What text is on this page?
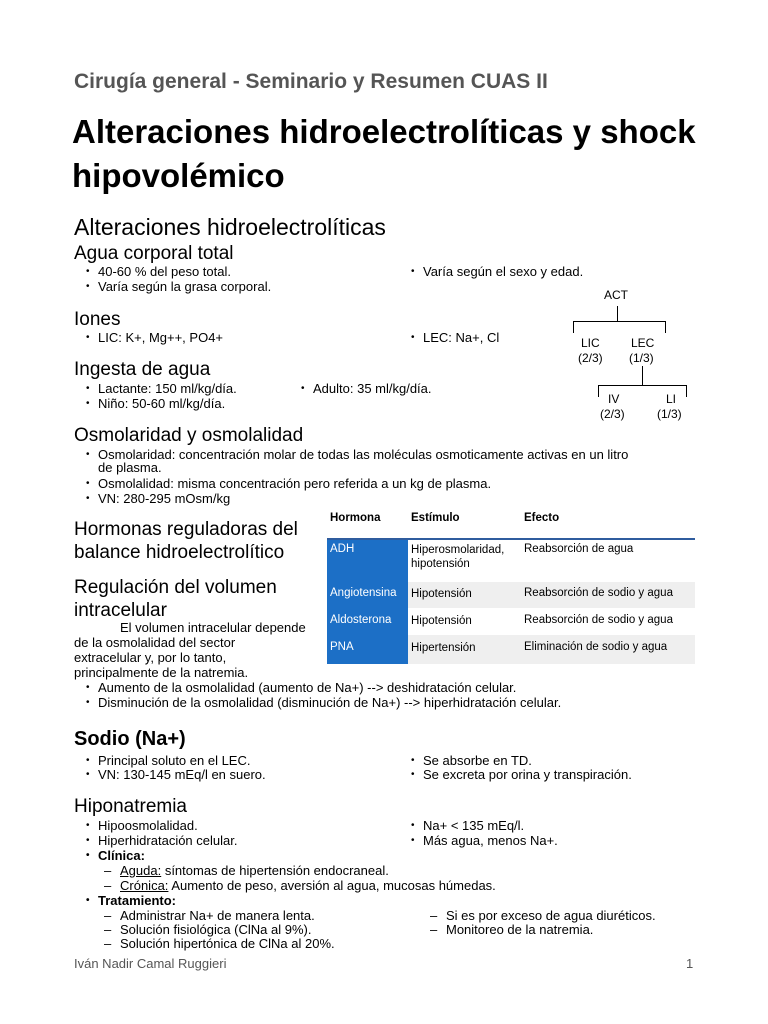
Cirugía general - Seminario y Resumen CUAS II
Alteraciones hidroelectrolíticas y shock hipovolémico
Alteraciones hidroelectrolíticas
Agua corporal total
• 40-60 % del peso total.
• Varía según la grasa corporal.
• Varía según el sexo y edad.
ACT
LIC
(2/3)
LEC
(1/3)
IV
(2/3)
LI
(1/3)
Iones
• LIC: K+, Mg++, PO4+
•	LEC: Na+, Cl
Ingesta de agua
• Lactante: 150 ml/kg/día.
• Niño: 50-60 ml/kg/día.
• Adulto: 35 ml/kg/día.
Osmolaridad y osmolalidad
• Osmolaridad: concentración molar de todas las moléculas osmoticamente activas en un litro
de plasma.
• Osmolalidad: misma concentración pero referida a un kg de plasma.
• VN: 280-295 mOsm/kg
Hormonas reguladoras del
balance hidroelectrolítico
Hormona	Estímulo	Efecto
ADH	Hiperosmolaridad,
hipotensión
Reabsorción de agua
Angiotensina	Hipotensión	Reabsorción de sodio y agua
Aldosterona	Hipotensión	Reabsorción de sodio y agua
PNA	Hipertensión	Eliminación de sodio y agua
Regulación del volumen
intracelular
El volumen intracelular depende
de la osmolalidad del sector
extracelular y, por lo tanto,
principalmente de la natremia.
• Aumento de la osmolalidad (aumento de Na+) --> deshidratación celular.
• Disminución de la osmolalidad (disminución de Na+) --> hiperhidratación celular.
Sodio (Na+)
• Principal soluto en el LEC.
• VN: 130-145 mEq/l en suero.
• Se absorbe en TD.
• Se excreta por orina y transpiración.
Hiponatremia
• Hipoosmolalidad.
• Hiperhidratación celular.
• Na+ < 135 mEq/l.
• Más agua, menos Na+.
• Clínica:
– Aguda: síntomas de hipertensión endocraneal.
– Crónica: Aumento de peso, aversión al agua, mucosas húmedas.
• Tratamiento:
– Administrar Na+ de manera lenta.
– Solución fisiológica (ClNa al 9%).
– Solución hipertónica de ClNa al 20%.
– Si es por exceso de agua diuréticos.
– Monitoreo de la natremia.
Iván Nadir Camal Ruggieri	1
